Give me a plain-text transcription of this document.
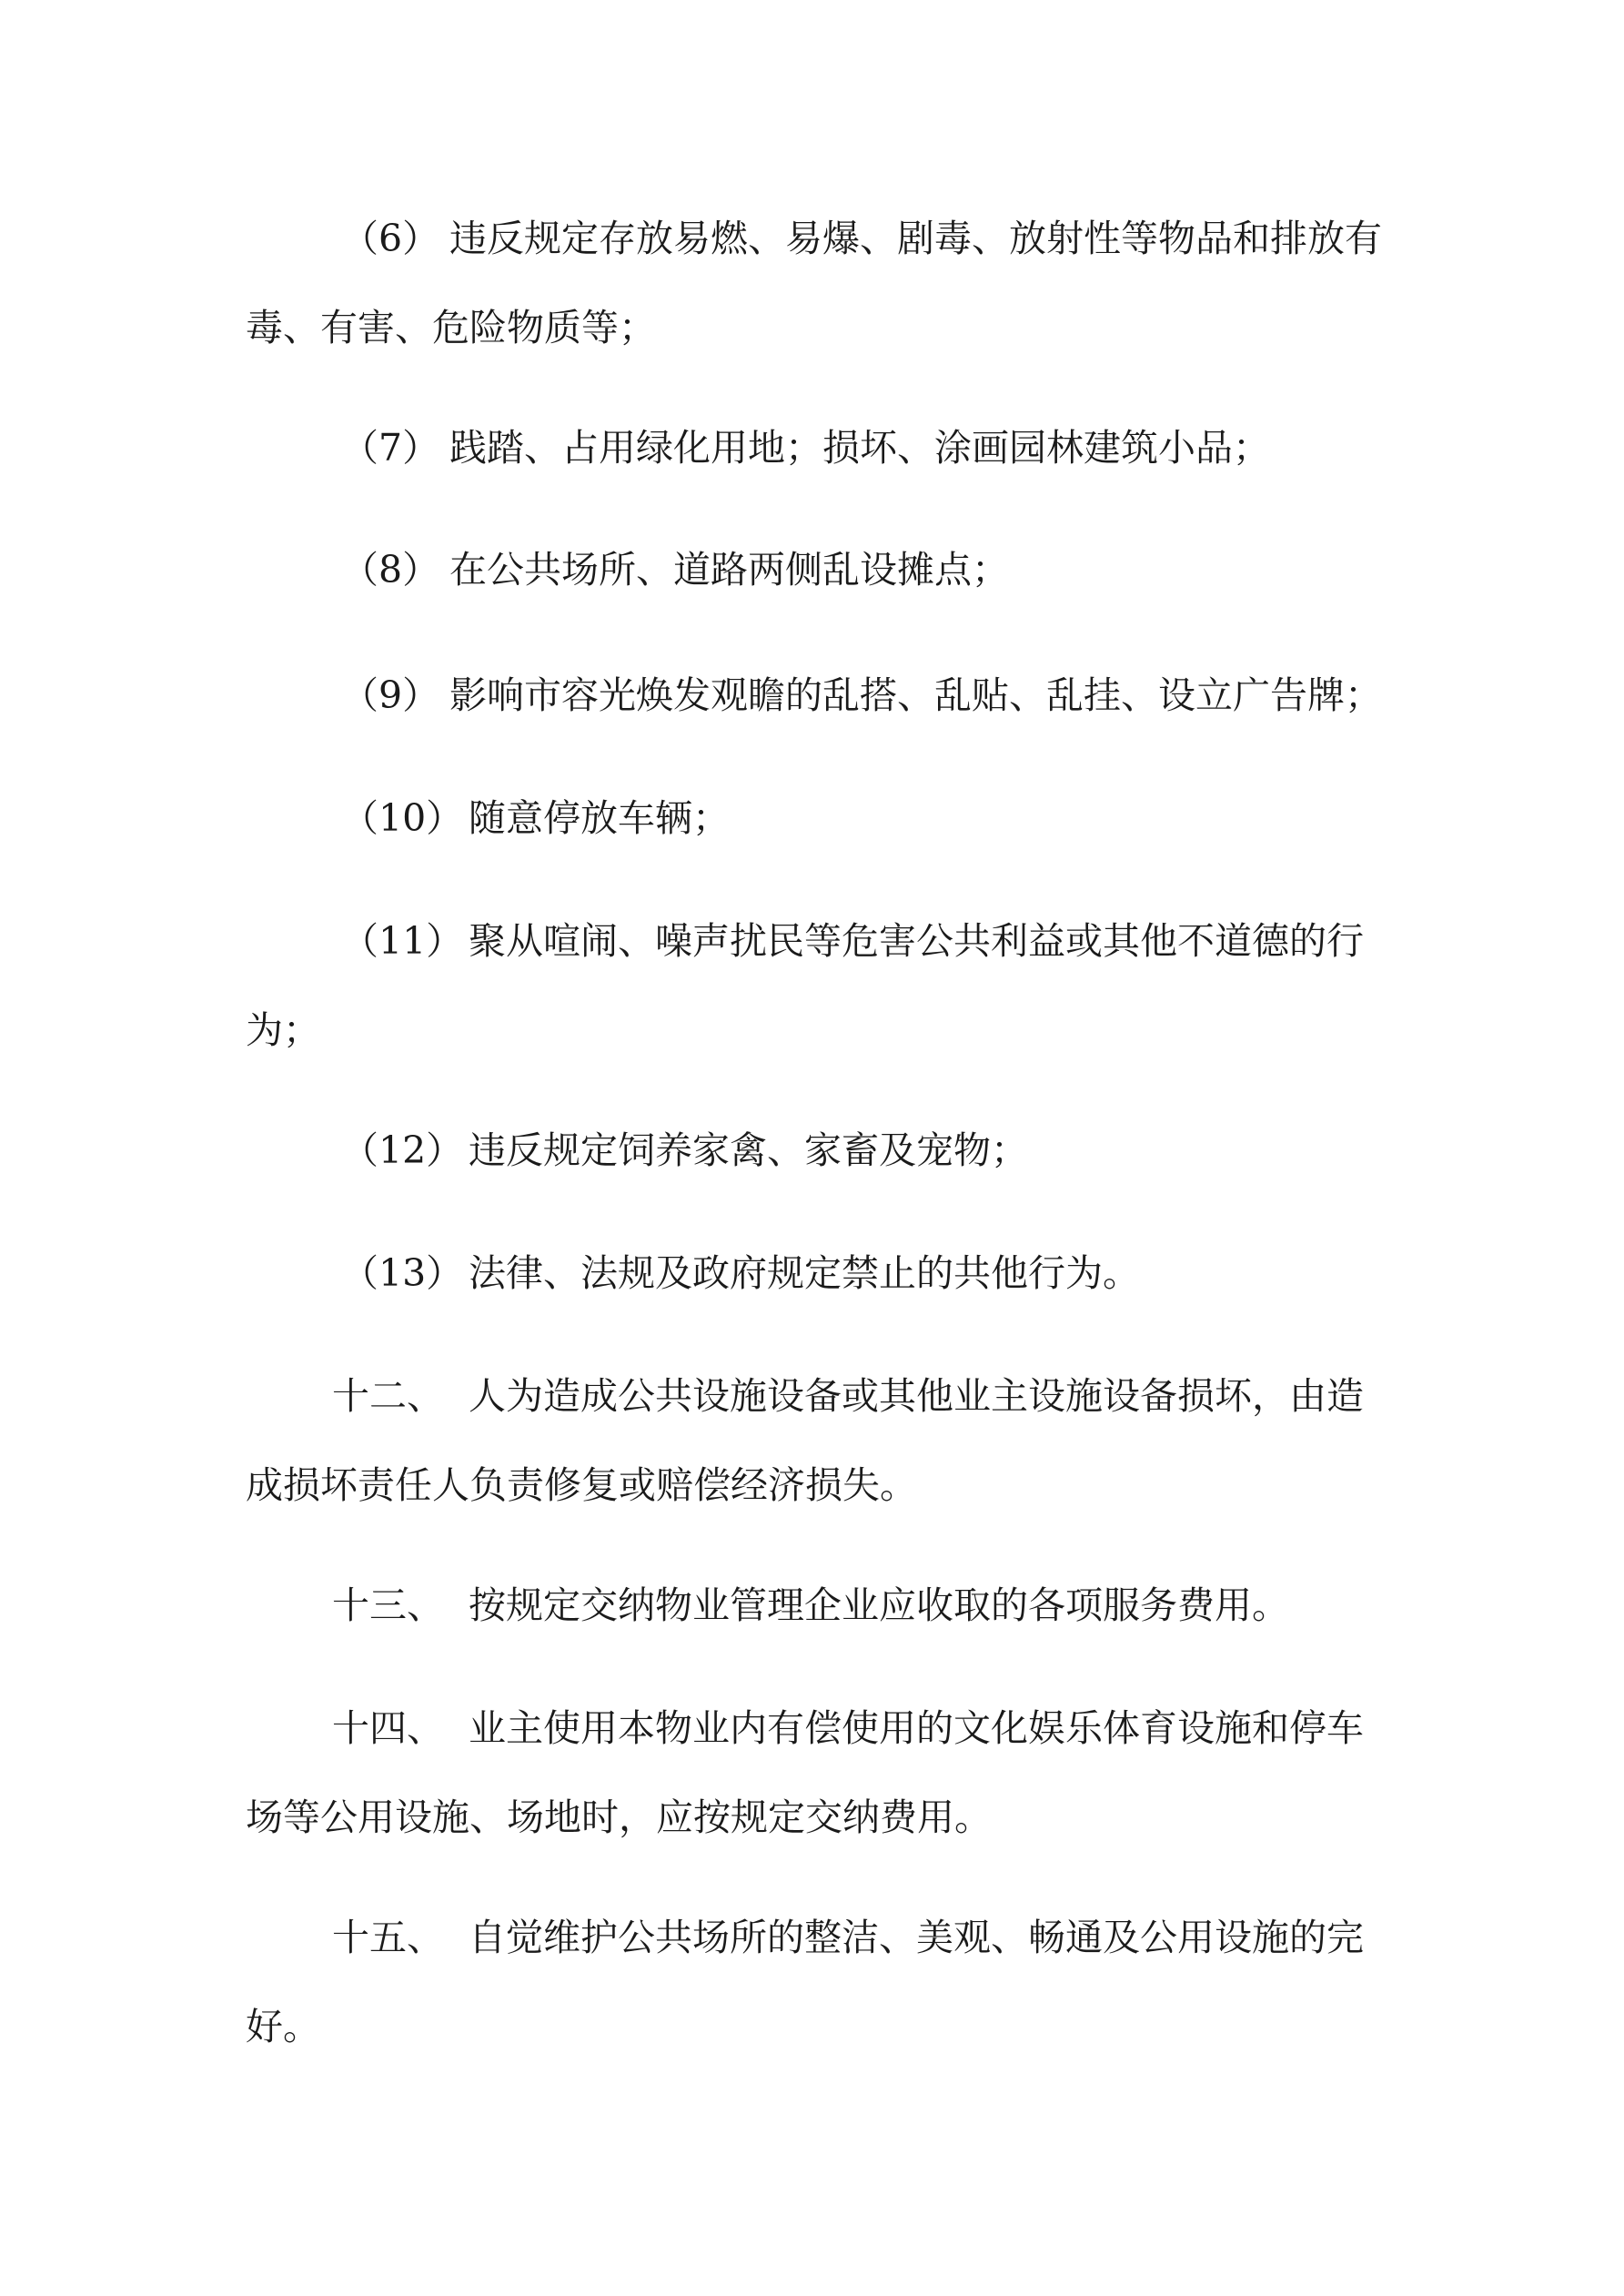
（6） 违反规定存放易燃、易爆、剧毒、放射性等物品和排放有毒、有害、危险物质等；

（7） 践踏、占用绿化用地；损坏、涂画园林建筑小品；

（8） 在公共场所、道路两侧乱设摊点；

（9） 影响市容光焕发观瞻的乱搭、乱贴、乱挂、设立广告牌；

（10） 随意停放车辆；

（11） 聚从喧闹、噪声扰民等危害公共利益或其他不道德的行为；

（12） 违反规定饲养家禽、家畜及宠物；

（13） 法律、法规及政府规定禁止的共他行为。

十二、 人为造成公共设施设备或其他业主设施设备损坏，由造成损坏责任人负责修复或赔偿经济损失。

十三、 按规定交纳物业管理企业应收取的各项服务费用。

十四、 业主使用本物业内有偿使用的文化娱乐体育设施和停车场等公用设施、场地时，应按规定交纳费用。

十五、 自觉维护公共场所的整洁、美观、畅通及公用设施的完好。
